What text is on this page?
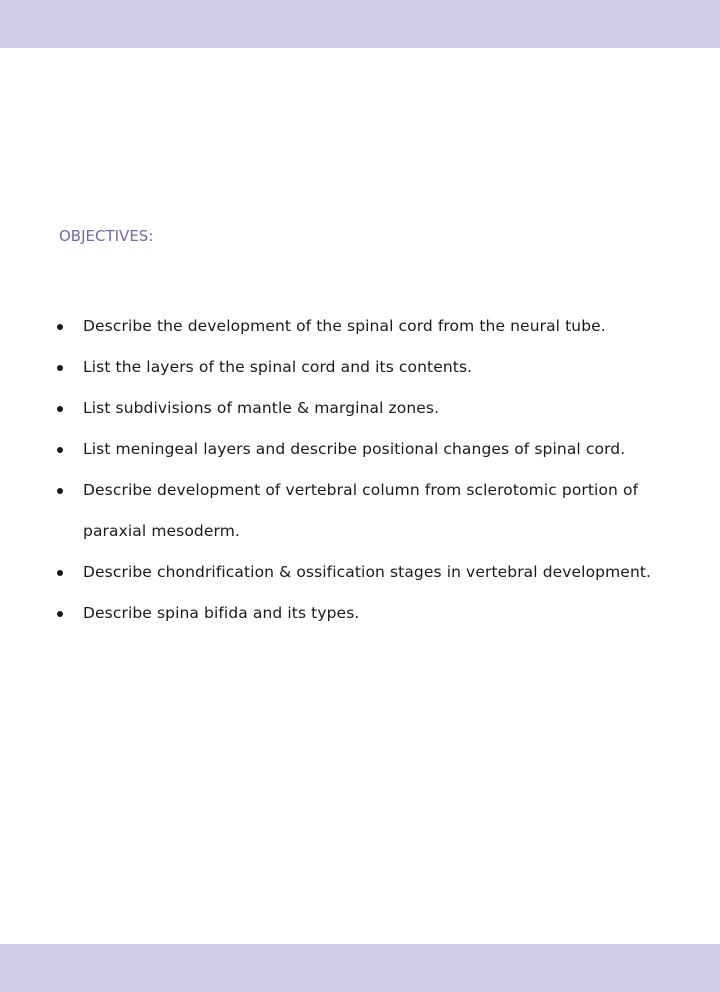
OBJECTIVES:
Describe the development of the spinal cord from the neural tube.
List the layers of the spinal cord and its contents.
List subdivisions of mantle & marginal zones.
List meningeal layers and describe positional changes of spinal cord.
Describe development of vertebral column from sclerotomic portion of paraxial mesoderm.
Describe chondrification & ossification stages in vertebral development.
Describe spina bifida and its types.
